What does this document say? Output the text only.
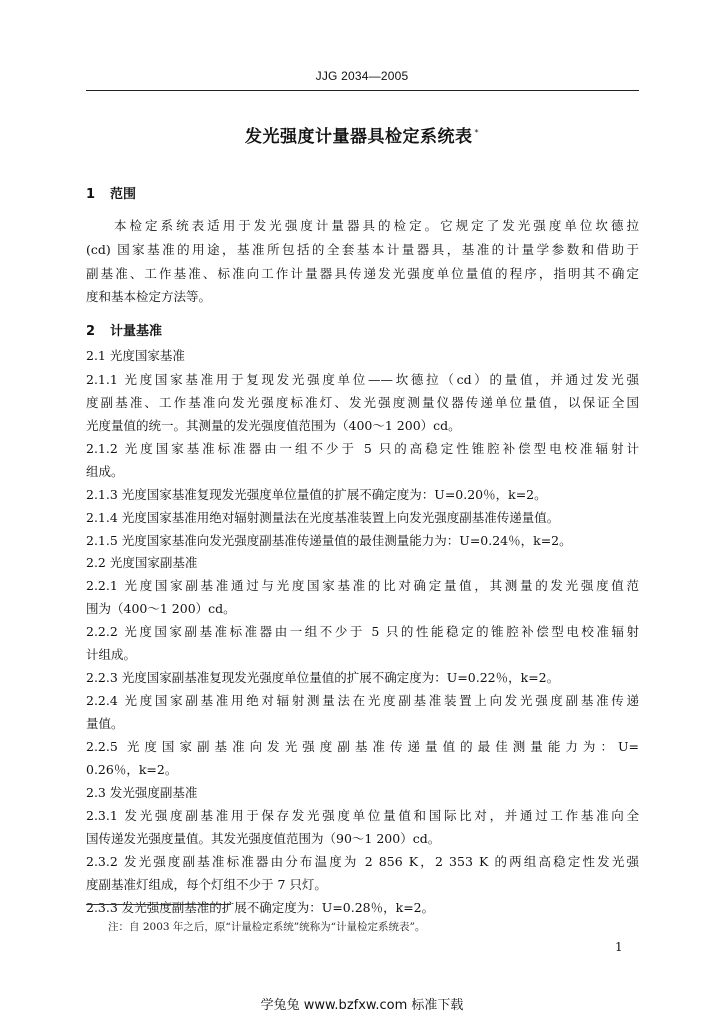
JJG 2034—2005
发光强度计量器具检定系统表 *
1 范围
本检定系统表适用于发光强度计量器具的检定。它规定了发光强度单位坎德拉
(cd) 国家基准的用途，基准所包括的全套基本计量器具，基准的计量学参数和借助于
副基准、工作基准、标准向工作计量器具传递发光强度单位量值的程序，指明其不确定
度和基本检定方法等。
2 计量基准
2.1 光度国家基准
2.1.1 光度国家基准用于复现发光强度单位——坎德拉（cd）的量值，并通过发光强
度副基准、工作基准向发光强度标准灯、发光强度测量仪器传递单位量值，以保证全国
光度量值的统一。其测量的发光强度值范围为（400～1 200）cd。
2.1.2 光度国家基准标准器由一组不少于 5 只的高稳定性锥腔补偿型电校准辐射计
组成。
2.1.3 光度国家基准复现发光强度单位量值的扩展不确定度为：U=0.20％，k=2。
2.1.4 光度国家基准用绝对辐射测量法在光度基准装置上向发光强度副基准传递量值。
2.1.5 光度国家基准向发光强度副基准传递量值的最佳测量能力为：U=0.24％，k=2。
2.2 光度国家副基准
2.2.1 光度国家副基准通过与光度国家基准的比对确定量值，其测量的发光强度值范
围为（400～1 200）cd。
2.2.2 光度国家副基准标准器由一组不少于 5 只的性能稳定的锥腔补偿型电校准辐射
计组成。
2.2.3 光度国家副基准复现发光强度单位量值的扩展不确定度为：U=0.22％，k=2。
2.2.4 光度国家副基准用绝对辐射测量法在光度副基准装置上向发光强度副基准传递
量值。
2.2.5 光度国家副基准向发光强度副基准传递量值的最佳测量能力为：U=
0.26％，k=2。
2.3 发光强度副基准
2.3.1 发光强度副基准用于保存发光强度单位量值和国际比对，并通过工作基准向全
国传递发光强度量值。其发光强度值范围为（90～1 200）cd。
2.3.2 发光强度副基准标准器由分布温度为 2 856 K，2 353 K 的两组高稳定性发光强
度副基准灯组成，每个灯组不少于 7 只灯。
2.3.3 发光强度副基准的扩展不确定度为：U=0.28％，k=2。
注：自 2003 年之后，原“计量检定系统”统称为“计量检定系统表”。
1
学兔兔 www.bzfxw.com 标准下载
